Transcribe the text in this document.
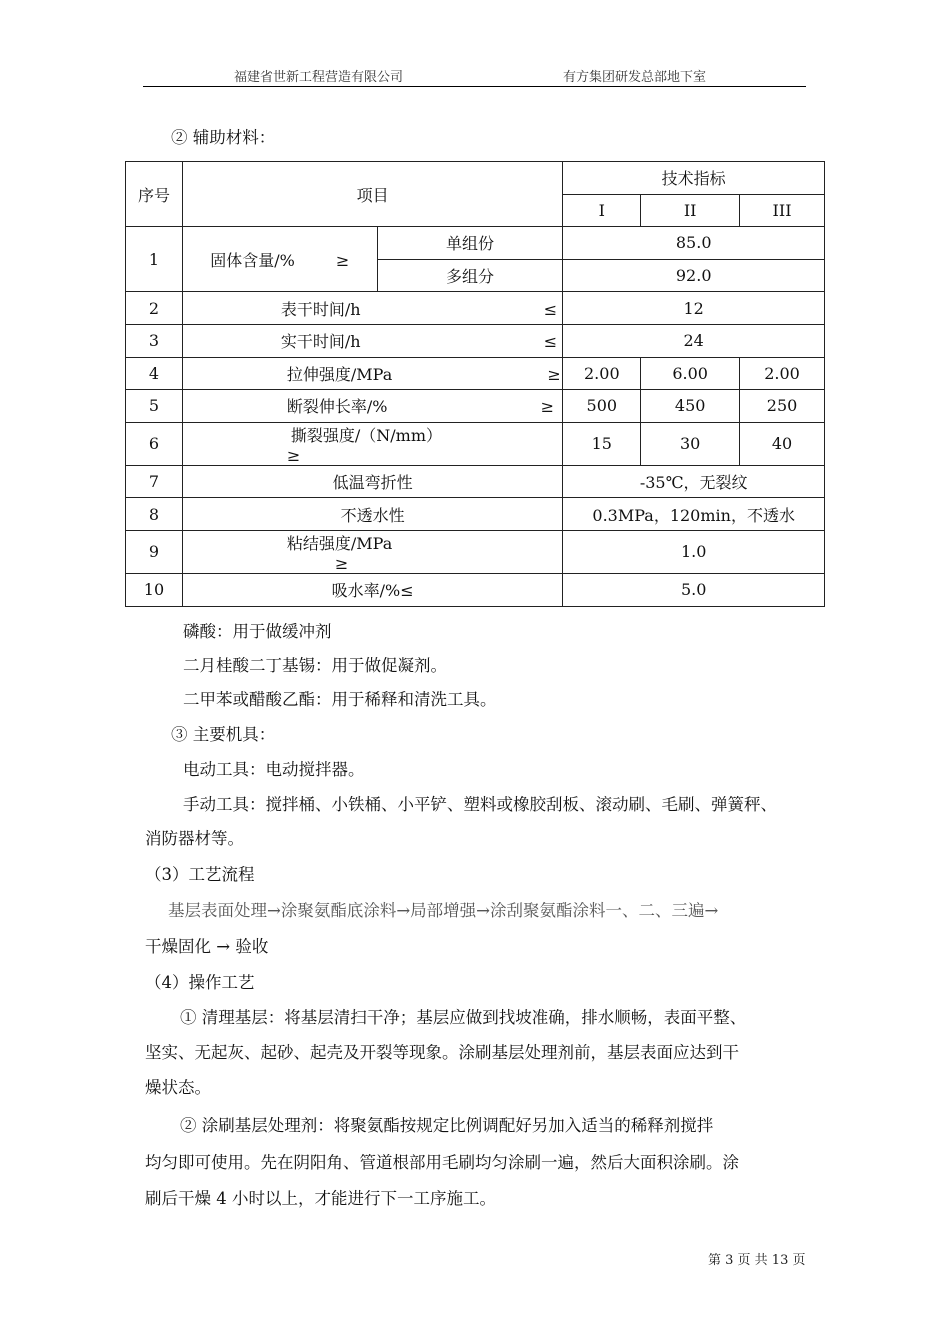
福建省世新工程营造有限公司	有方集团研发总部地下室
② 辅助材料：
序号	项目		技术指标		
			I	II	III
1	固体含量/% ≥	单组份	85.0		
		多组分	92.0		
2	表干时间/h ≤		12		
3	实干时间/h ≤		24		
4	拉伸强度/MPa ≥		2.00	6.00	2.00
5	断裂伸长率/% ≥		500	450	250
6	撕裂强度/（N/mm） ≥		15	30	40
7	低温弯折性		-35℃，无裂纹		
8	不透水性		0.3MPa，120min，不透水		
9	粘结强度/MPa ≥		1.0		
10	吸水率/%≤		5.0		
磷酸：用于做缓冲剂
二月桂酸二丁基锡：用于做促凝剂。
二甲苯或醋酸乙酯：用于稀释和清洗工具。
③ 主要机具：
电动工具：电动搅拌器。
手动工具：搅拌桶、小铁桶、小平铲、塑料或橡胶刮板、滚动刷、毛刷、弹簧秤、
消防器材等。
（3）工艺流程
基层表面处理→涂聚氨酯底涂料→局部增强→涂刮聚氨酯涂料一、二、三遍→
干燥固化 → 验收
（4）操作工艺
① 清理基层：将基层清扫干净；基层应做到找坡准确，排水顺畅，表面平整、
坚实、无起灰、起砂、起壳及开裂等现象。涂刷基层处理剂前，基层表面应达到干
燥状态。
② 涂刷基层处理剂：将聚氨酯按规定比例调配好另加入适当的稀释剂搅拌
均匀即可使用。先在阴阳角、管道根部用毛刷均匀涂刷一遍，然后大面积涂刷。涂
刷后干燥 4 小时以上，才能进行下一工序施工。
第 3 页 共 13 页
